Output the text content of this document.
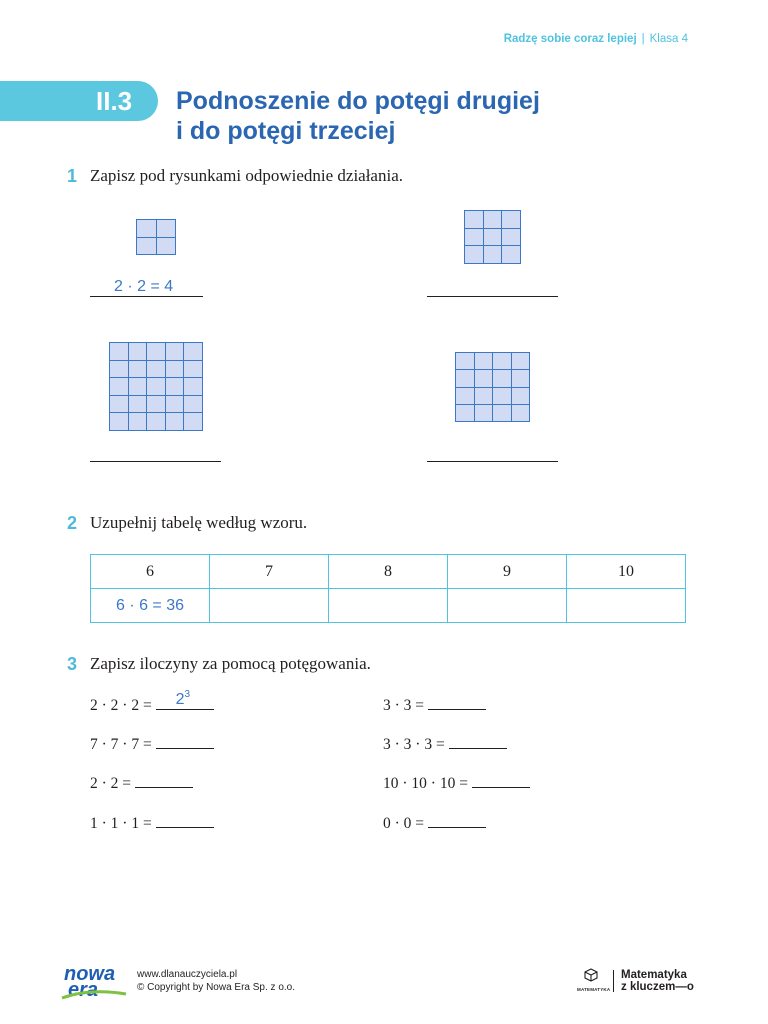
Radzę sobie coraz lepiej | Klasa 4
II.3 Podnoszenie do potęgi drugiej
i do potęgi trzeciej
1 Zapisz pod rysunkami odpowiednie działania.
2 · 2 = 4
2 Uzupełnij tabelę według wzoru.
6	7	8	9	10
6 · 6 = 36				
3 Zapisz iloczyny za pomocą potęgowania.
$2 \cdot 2 \cdot 2 = 2^3$
7 · 7 · 7 =
2 · 2 =
1 · 1 · 1 =
3 · 3 =
3 · 3 · 3 =
10 · 10 · 10 =
0 · 0 =
nowa
era
www.dlanauczyciela.pl
© Copyright by Nowa Era Sp. z o.o.	MATEMATYKA
Matematyka
z kluczem—o
